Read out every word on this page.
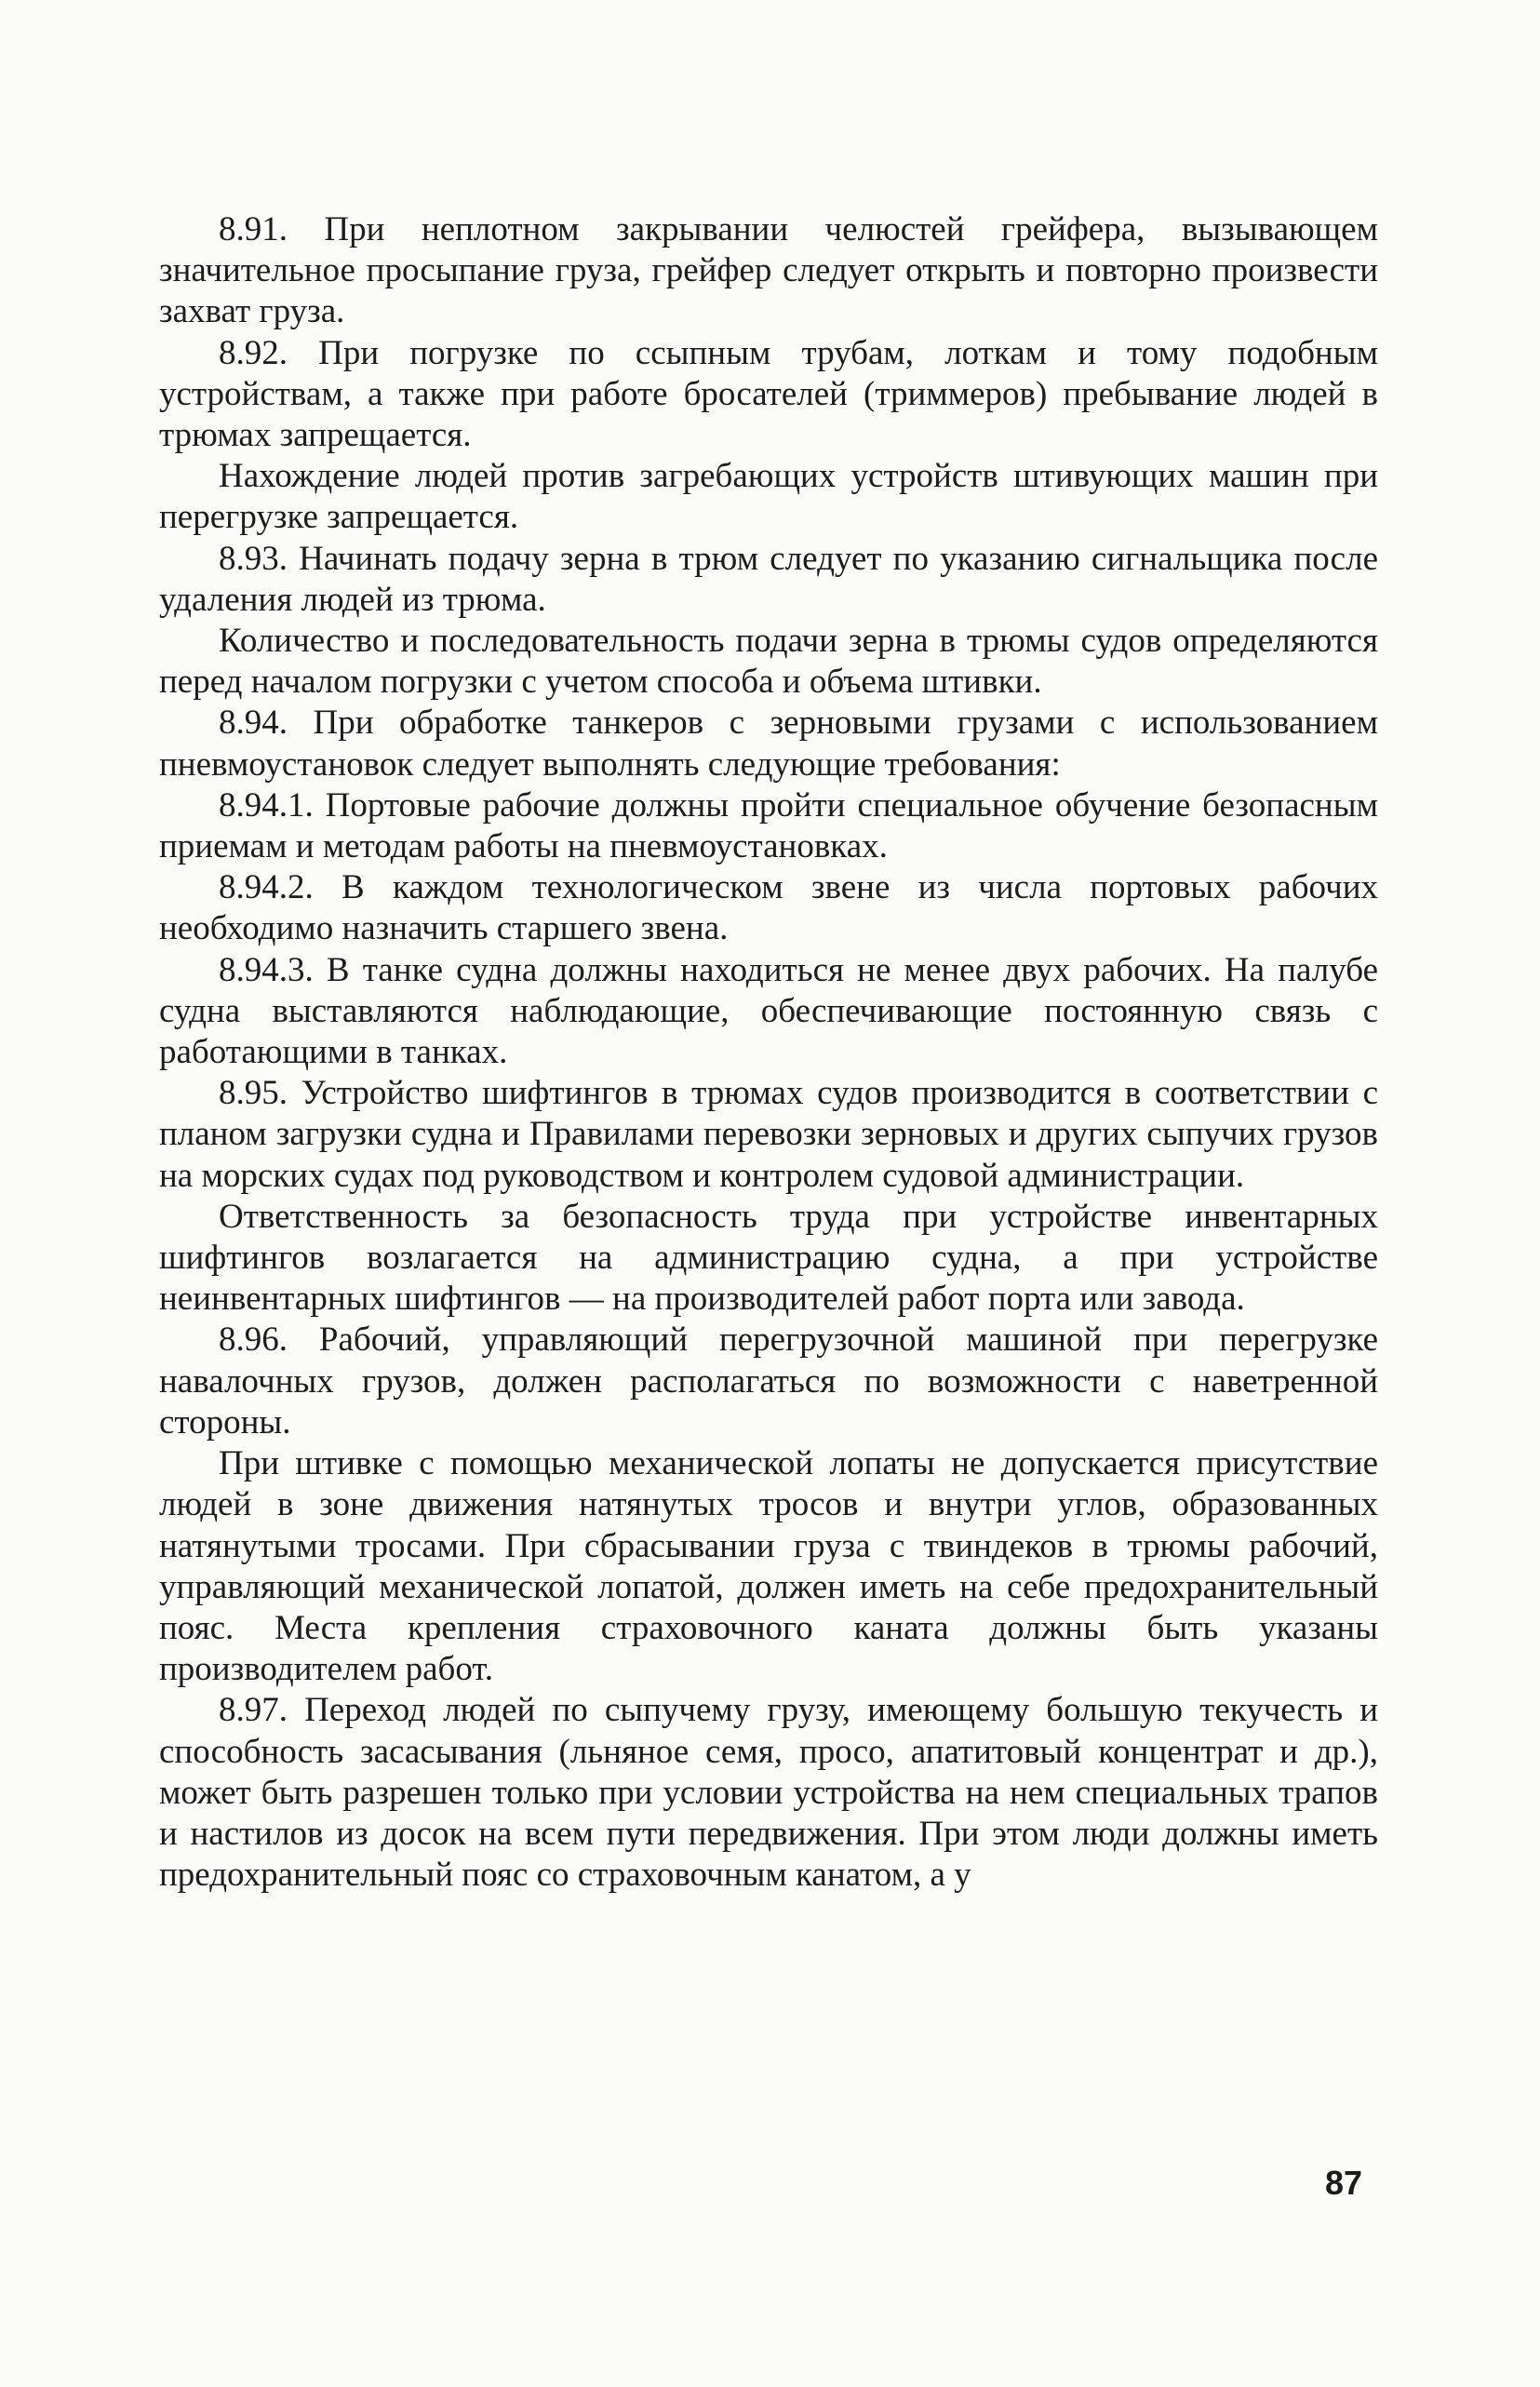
8.91. При неплотном закрывании челюстей грейфера, вызывающем значительное просыпание груза, грейфер следует открыть и повторно произвести захват груза.

8.92. При погрузке по ссыпным трубам, лоткам и тому подобным устройствам, а также при работе бросателей (триммеров) пребывание людей в трюмах запрещается.

Нахождение людей против загребающих устройств штивующих машин при перегрузке запрещается.

8.93. Начинать подачу зерна в трюм следует по указанию сигнальщика после удаления людей из трюма.

Количество и последовательность подачи зерна в трюмы судов определяются перед началом погрузки с учетом способа и объема штивки.

8.94. При обработке танкеров с зерновыми грузами с использованием пневмоустановок следует выполнять следующие требования:

8.94.1. Портовые рабочие должны пройти специальное обучение безопасным приемам и методам работы на пневмоустановках.

8.94.2. В каждом технологическом звене из числа портовых рабочих необходимо назначить старшего звена.

8.94.3. В танке судна должны находиться не менее двух рабочих. На палубе судна выставляются наблюдающие, обеспечивающие постоянную связь с работающими в танках.

8.95. Устройство шифтингов в трюмах судов производится в соответствии с планом загрузки судна и Правилами перевозки зерновых и других сыпучих грузов на морских судах под руководством и контролем судовой администрации.

Ответственность за безопасность труда при устройстве инвентарных шифтингов возлагается на администрацию судна, а при устройстве неинвентарных шифтингов — на производителей работ порта или завода.

8.96. Рабочий, управляющий перегрузочной машиной при перегрузке навалочных грузов, должен располагаться по возможности с наветренной стороны.

При штивке с помощью механической лопаты не допускается присутствие людей в зоне движения натянутых тросов и внутри углов, образованных натянутыми тросами. При сбрасывании груза с твиндеков в трюмы рабочий, управляющий механической лопатой, должен иметь на себе предохранительный пояс. Места крепления страховочного каната должны быть указаны производителем работ.

8.97. Переход людей по сыпучему грузу, имеющему большую текучесть и способность засасывания (льняное семя, просо, апатитовый концентрат и др.), может быть разрешен только при условии устройства на нем специальных трапов и настилов из досок на всем пути передвижения. При этом люди должны иметь предохранительный пояс со страховочным канатом, а у

87
